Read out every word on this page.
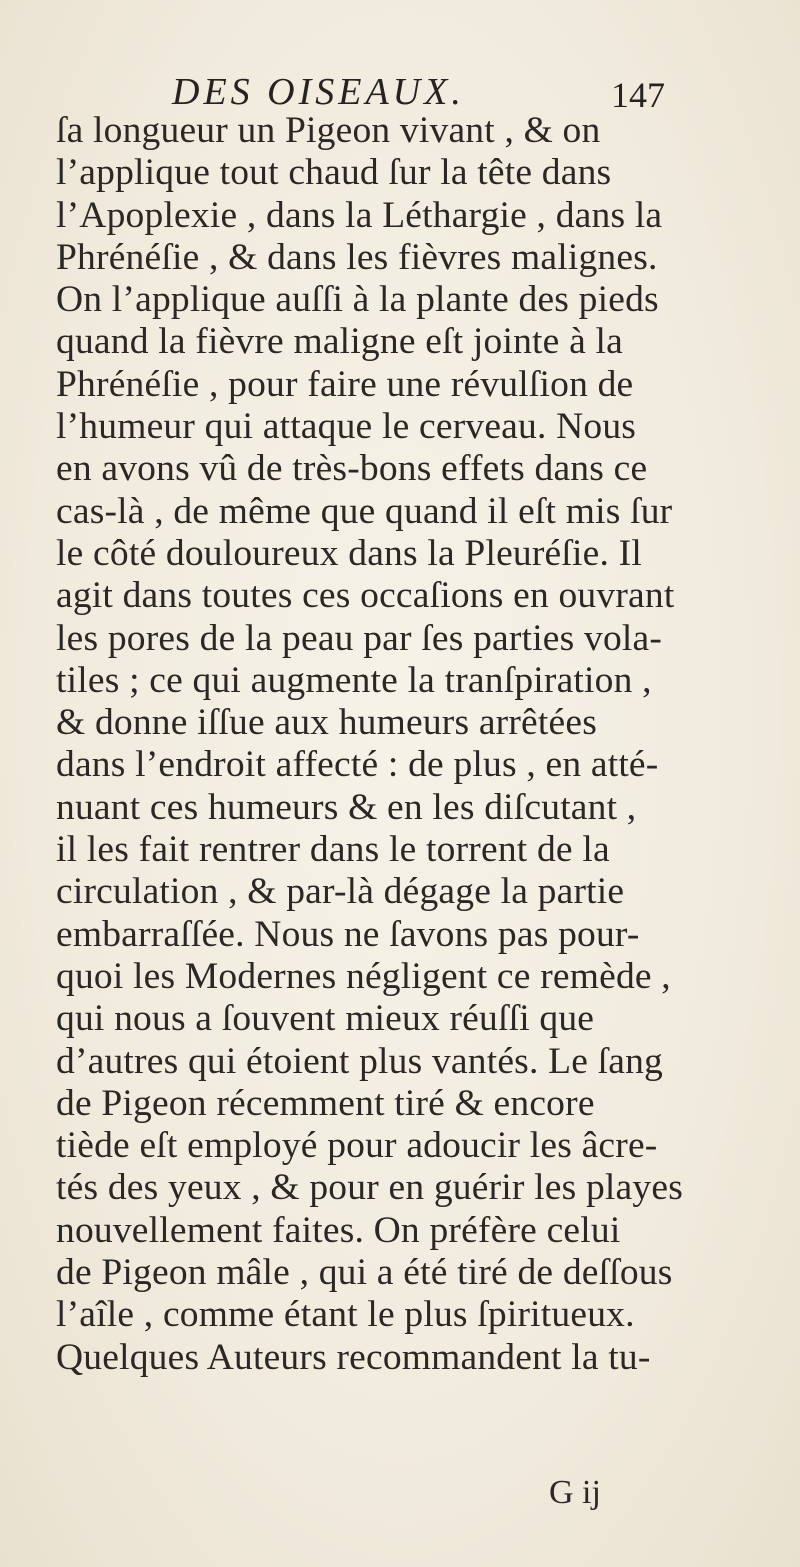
DES OISEAUX.	147
ſa longueur un Pigeon vivant , & on
l’applique tout chaud ſur la tête dans
l’Apoplexie , dans la Léthargie , dans la
Phrénéſie , & dans les fièvres malignes.
On l’applique auſſi à la plante des pieds
quand la fièvre maligne eſt jointe à la
Phrénéſie , pour faire une révulſion de
l’humeur qui attaque le cerveau. Nous
en avons vû de très-bons effets dans ce
cas-là , de même que quand il eſt mis ſur
le côté douloureux dans la Pleuréſie. Il
agit dans toutes ces occaſions en ouvrant
les pores de la peau par ſes parties vola-
tiles ; ce qui augmente la tranſpiration ,
& donne iſſue aux humeurs arrêtées
dans l’endroit affecté : de plus , en atté-
nuant ces humeurs & en les diſcutant ,
il les fait rentrer dans le torrent de la
circulation , & par-là dégage la partie
embarraſſée. Nous ne ſavons pas pour-
quoi les Modernes négligent ce remède ,
qui nous a ſouvent mieux réuſſi que
d’autres qui étoient plus vantés. Le ſang
de Pigeon récemment tiré & encore
tiède eſt employé pour adoucir les âcre-
tés des yeux , & pour en guérir les playes
nouvellement faites. On préfère celui
de Pigeon mâle , qui a été tiré de deſſous
l’aîle , comme étant le plus ſpiritueux.
Quelques Auteurs recommandent la tu-
G ij
